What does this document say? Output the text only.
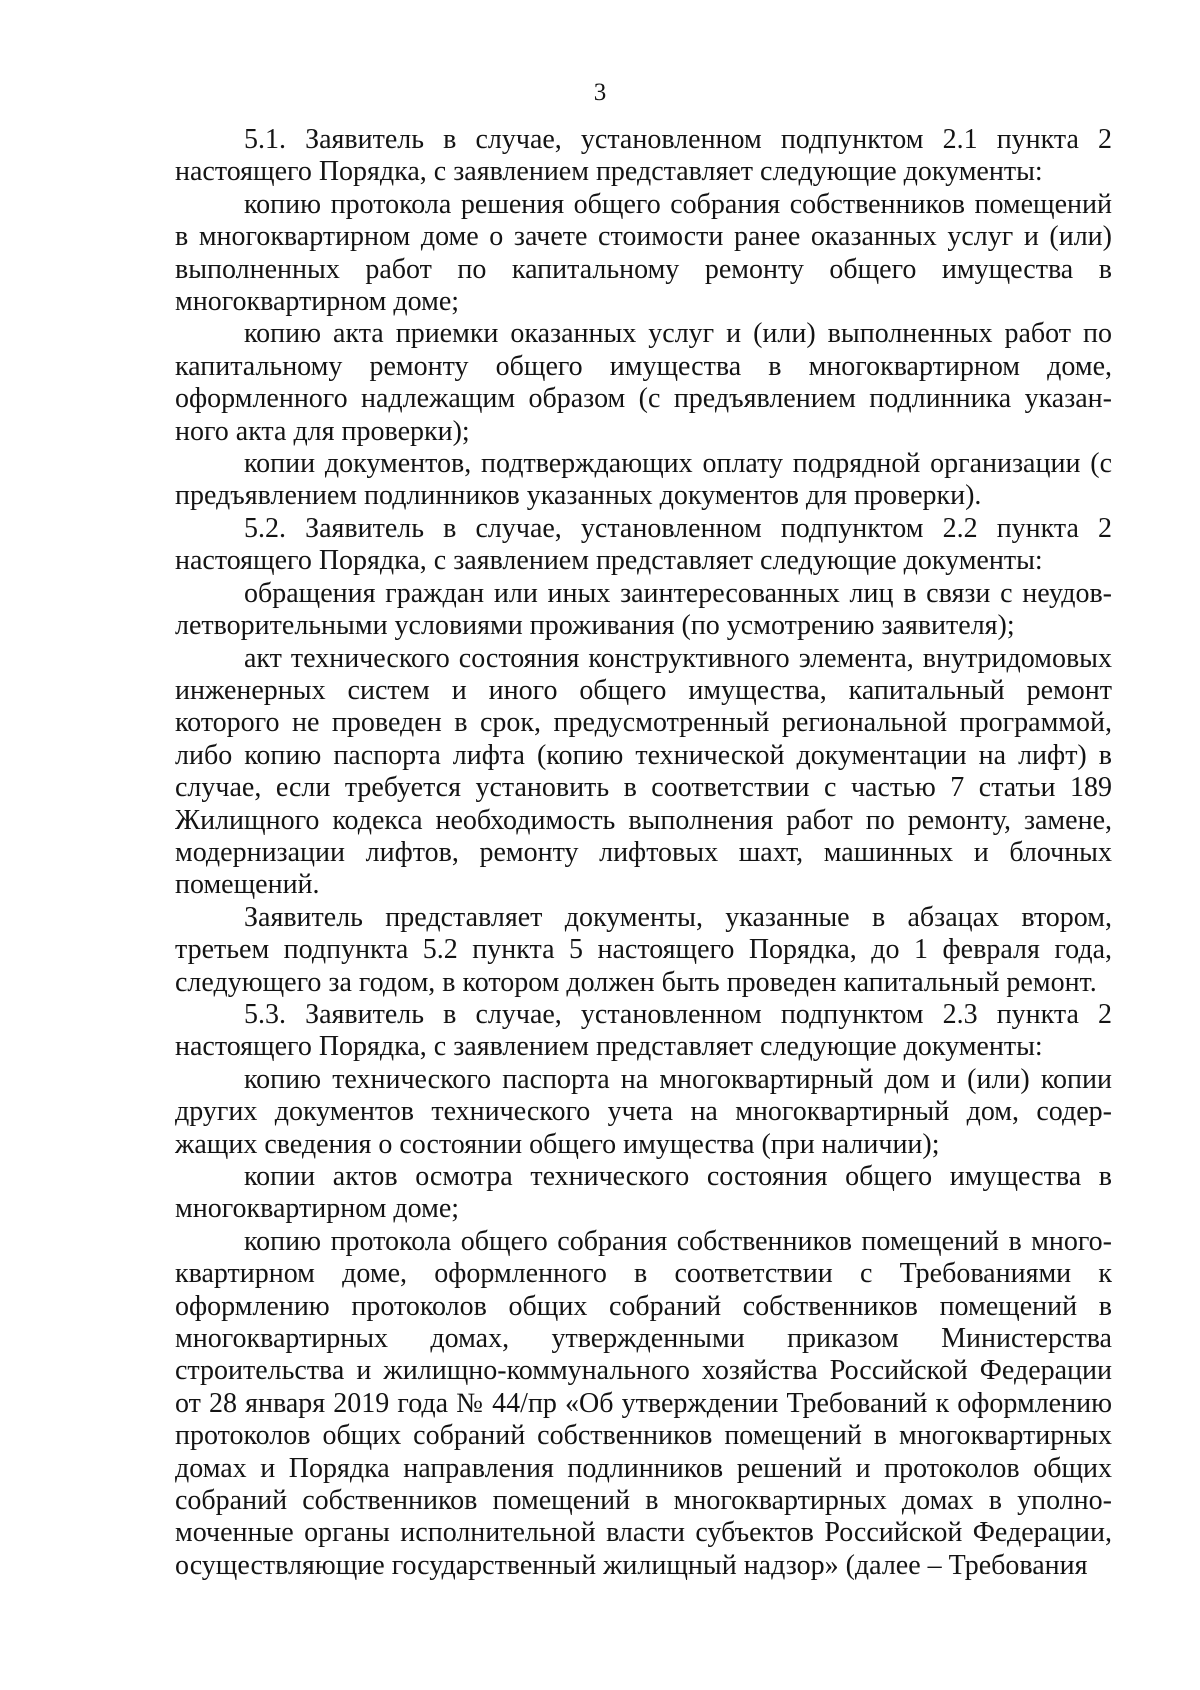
3

5.1. Заявитель в случае, установленном подпунктом 2.1 пункта 2 настоящего Порядка, с заявлением представляет следующие документы:

копию протокола решения общего собрания собственников помещений в многоквартирном доме о зачете стоимости ранее оказанных услуг и (или) выполненных работ по капитальному ремонту общего имущества в многоквартирном доме;

копию акта приемки оказанных услуг и (или) выполненных работ по капитальному ремонту общего имущества в многоквартирном доме, оформленного надлежащим образом (с предъявлением подлинника указанного акта для проверки);

копии документов, подтверждающих оплату подрядной организации (с предъявлением подлинников указанных документов для проверки).

5.2. Заявитель в случае, установленном подпунктом 2.2 пункта 2 настоящего Порядка, с заявлением представляет следующие документы:

обращения граждан или иных заинтересованных лиц в связи с неудовлетворительными условиями проживания (по усмотрению заявителя);

акт технического состояния конструктивного элемента, внутридомовых инженерных систем и иного общего имущества, капитальный ремонт которого не проведен в срок, предусмотренный региональной программой, либо копию паспорта лифта (копию технической документации на лифт) в случае, если требуется установить в соответствии с частью 7 статьи 189 Жилищного кодекса необходимость выполнения работ по ремонту, замене, модернизации лифтов, ремонту лифтовых шахт, машинных и блочных помещений.

Заявитель представляет документы, указанные в абзацах втором, третьем подпункта 5.2 пункта 5 настоящего Порядка, до 1 февраля года, следующего за годом, в котором должен быть проведен капитальный ремонт.

5.3. Заявитель в случае, установленном подпунктом 2.3 пункта 2 настоящего Порядка, с заявлением представляет следующие документы:

копию технического паспорта на многоквартирный дом и (или) копии других документов технического учета на многоквартирный дом, содержащих сведения о состоянии общего имущества (при наличии);

копии актов осмотра технического состояния общего имущества в многоквартирном доме;

копию протокола общего собрания собственников помещений в многоквартирном доме, оформленного в соответствии с Требованиями к оформлению протоколов общих собраний собственников помещений в многоквартирных домах, утвержденными приказом Министерства строительства и жилищно-коммунального хозяйства Российской Федерации от 28 января 2019 года № 44/пр «Об утверждении Требований к оформлению протоколов общих собраний собственников помещений в многоквартирных домах и Порядка направления подлинников решений и протоколов общих собраний собственников помещений в многоквартирных домах в уполномоченные органы исполнительной власти субъектов Российской Федерации, осуществляющие государственный жилищный надзор» (далее – Требования
